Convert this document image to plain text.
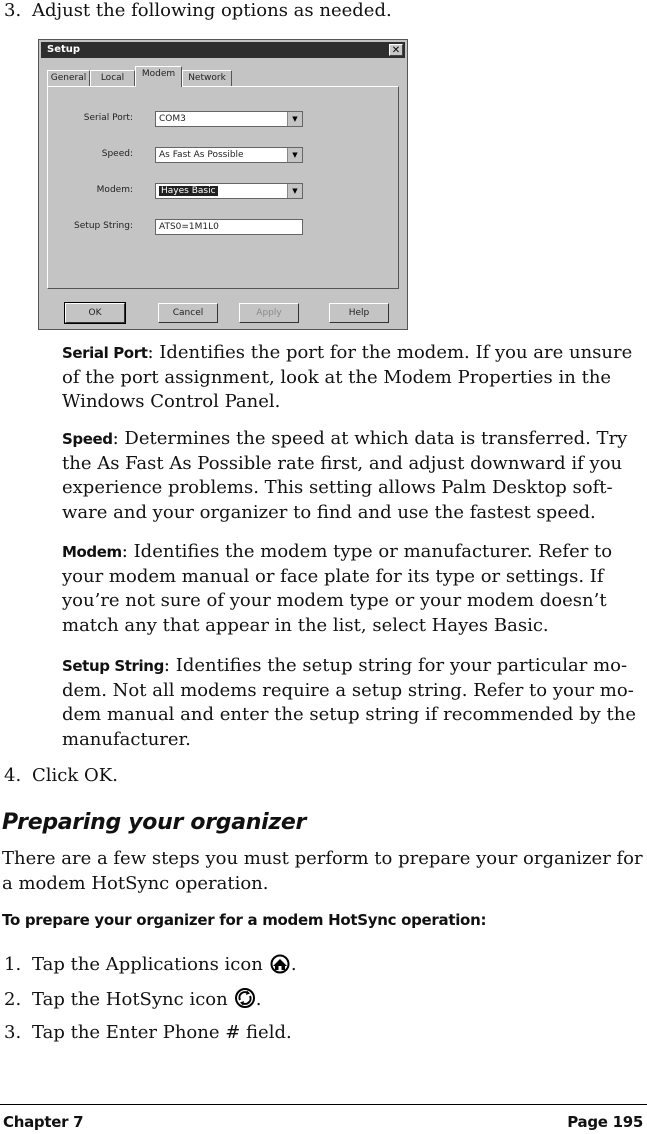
3. Adjust the following options as needed.
Setup	✕
General	Local	Modem	Network
Serial Port:	COM3	▼
Speed:	As Fast As Possible	▼
Modem:	Hayes Basic	▼
Setup String:	ATS0=1M1L0
OK	Cancel	Apply	Help
Serial Port: Identifies the port for the modem. If you are unsure of the port assignment, look at the Modem Properties in the Windows Control Panel.
Speed: Determines the speed at which data is transferred. Try the As Fast As Possible rate first, and adjust downward if you experience problems. This setting allows Palm Desktop software and your organizer to find and use the fastest speed.
Modem: Identifies the modem type or manufacturer. Refer to your modem manual or face plate for its type or settings. If you’re not sure of your modem type or your modem doesn’t match any that appear in the list, select Hayes Basic.
Setup String: Identifies the setup string for your particular modem. Not all modems require a setup string. Refer to your modem manual and enter the setup string if recommended by the manufacturer.
4. Click OK.
Preparing your organizer
There are a few steps you must perform to prepare your organizer for a modem HotSync operation.
To prepare your organizer for a modem HotSync operation:
1. Tap the Applications icon .
2. Tap the HotSync icon .
3. Tap the Enter Phone # field.
Chapter 7	Page 195
